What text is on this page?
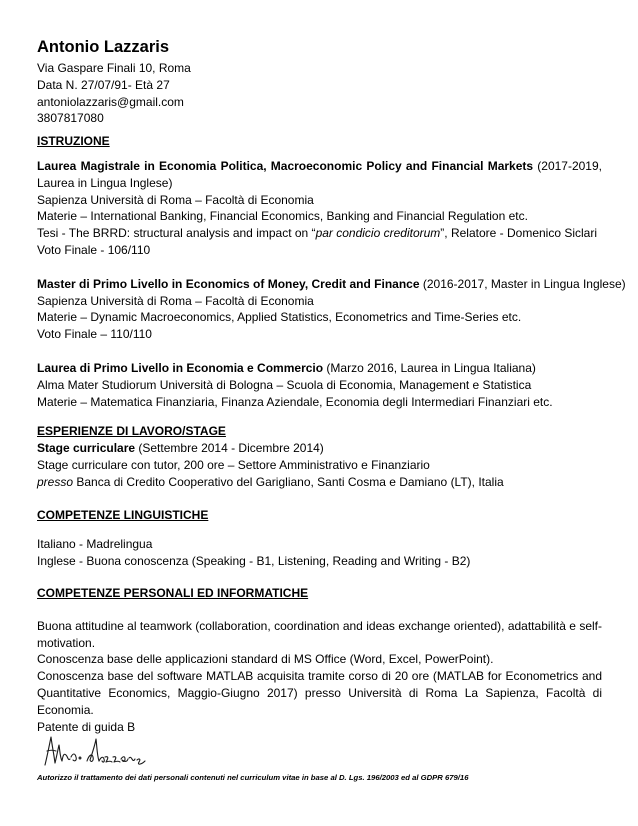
Antonio Lazzaris
Via Gaspare Finali 10, Roma
Data N. 27/07/91- Età 27
antoniolazzaris@gmail.com
3807817080
ISTRUZIONE
Laurea Magistrale in Economia Politica, Macroeconomic Policy and Financial Markets (2017-2019, Laurea in Lingua Inglese)
Sapienza Università di Roma – Facoltà di Economia
Materie – International Banking, Financial Economics, Banking and Financial Regulation etc.
Tesi - The BRRD: structural analysis and impact on “par condicio creditorum”, Relatore - Domenico Siclari
Voto Finale - 106/110
Master di Primo Livello in Economics of Money, Credit and Finance (2016-2017, Master in Lingua Inglese)
Sapienza Università di Roma – Facoltà di Economia
Materie – Dynamic Macroeconomics, Applied Statistics, Econometrics and Time-Series etc.
Voto Finale – 110/110
Laurea di Primo Livello in Economia e Commercio (Marzo 2016, Laurea in Lingua Italiana)
Alma Mater Studiorum Università di Bologna – Scuola di Economia, Management e Statistica
Materie – Matematica Finanziaria, Finanza Aziendale, Economia degli Intermediari Finanziari etc.
ESPERIENZE DI LAVORO/STAGE
Stage curriculare (Settembre 2014 - Dicembre 2014)
Stage curriculare con tutor, 200 ore – Settore Amministrativo e Finanziario
presso Banca di Credito Cooperativo del Garigliano, Santi Cosma e Damiano (LT), Italia
COMPETENZE LINGUISTICHE
Italiano - Madrelingua
Inglese - Buona conoscenza (Speaking - B1, Listening, Reading and Writing - B2)
COMPETENZE PERSONALI ED INFORMATICHE
Buona attitudine al teamwork (collaboration, coordination and ideas exchange oriented), adattabilità e self-motivation.
Conoscenza base delle applicazioni standard di MS Office (Word, Excel, PowerPoint).
Conoscenza base del software MATLAB acquisita tramite corso di 20 ore (MATLAB for Econometrics and Quantitative Economics, Maggio-Giugno 2017) presso Università di Roma La Sapienza, Facoltà di Economia.
Patente di guida B
Autorizzo il trattamento dei dati personali contenuti nel curriculum vitae in base al D. Lgs. 196/2003 ed al GDPR 679/16
